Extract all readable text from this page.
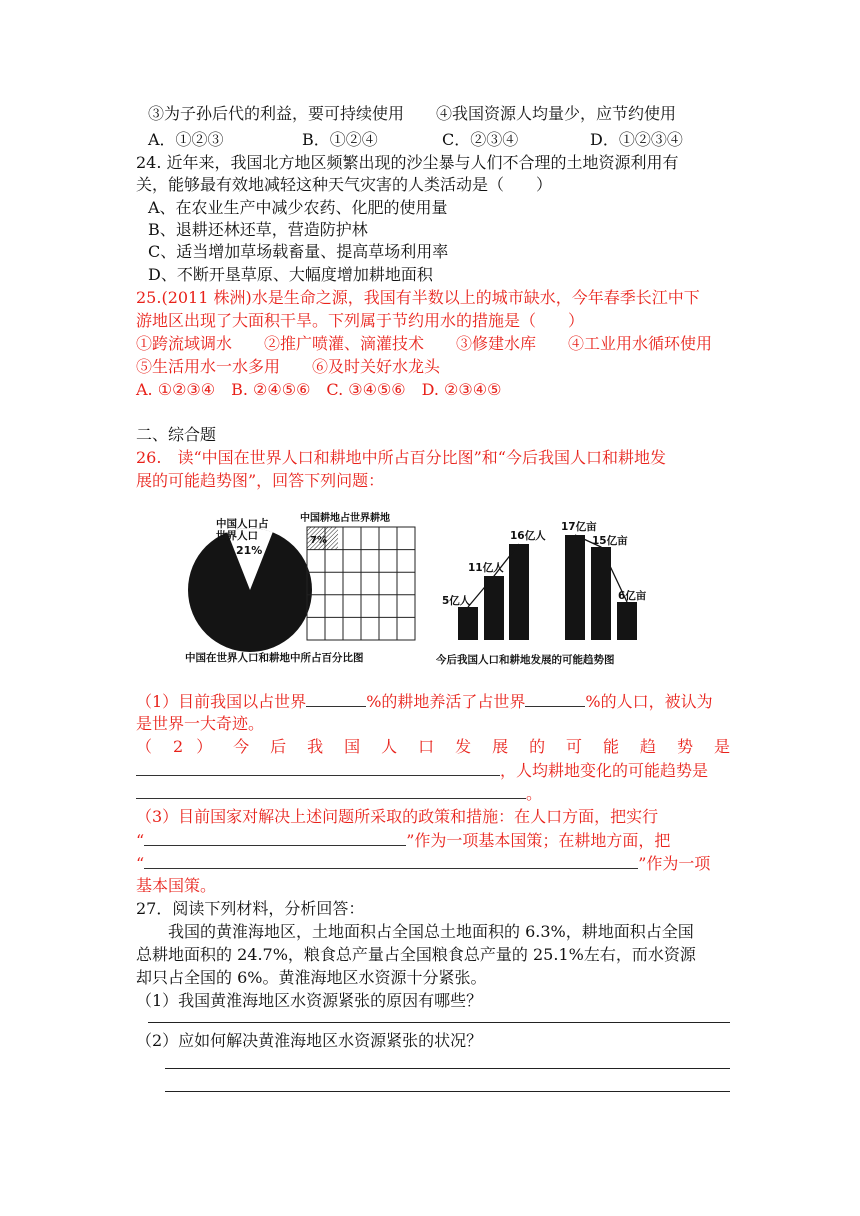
③为子孙后代的利益，要可持续使用　　④我国资源人均量少，应节约使用
A．①②③	B．①②④	C．②③④	D．①②③④
24. 近年来，我国北方地区频繁出现的沙尘暴与人们不合理的土地资源利用有
关，能够最有效地减轻这种天气灾害的人类活动是（　　）
A、在农业生产中减少农药、化肥的使用量
B、退耕还林还草，营造防护林
C、适当增加草场载畜量、提高草场利用率
D、不断开垦草原、大幅度增加耕地面积
25.(2011 株洲)水是生命之源，我国有半数以上的城市缺水，今年春季长江中下
游地区出现了大面积干旱。下列属于节约用水的措施是（　　）
①跨流域调水　　②推广喷灌、滴灌技术　　③修建水库　　④工业用水循环使用
⑤生活用水一水多用　　⑥及时关好水龙头
A. ①②③④　B. ②④⑤⑥　C. ③④⑤⑥　D. ②③④⑤
二、综合题
26.　读“中国在世界人口和耕地中所占百分比图”和“今后我国人口和耕地发
展的可能趋势图”，回答下列问题：
中国人口占
世界人口
21%
中国耕地占世界耕地
7%
5亿人
11亿人
16亿人
17亿亩
15亿亩
6亿亩
中国在世界人口和耕地中所占百分比图	今后我国人口和耕地发展的可能趋势图
（1）目前我国以占世界	%的耕地养活了占世界	%的人口，被认为
是世界一大奇迹。
（ 2 ） 今 后 我 国 人 口 发 展 的 可 能 趋 势 是
，人均耕地变化的可能趋势是
。
（3）目前国家对解决上述问题所采取的政策和措施：在人口方面，把实行
“	”作为一项基本国策；在耕地方面，把
“	”作为一项
基本国策。
27．阅读下列材料，分析回答：
我国的黄淮海地区，土地面积占全国总土地面积的 6.3%，耕地面积占全国
总耕地面积的 24.7%，粮食总产量占全国粮食总产量的 25.1%左右，而水资源
却只占全国的 6%。黄淮海地区水资源十分紧张。
（1）我国黄淮海地区水资源紧张的原因有哪些？
（2）应如何解决黄淮海地区水资源紧张的状况？
